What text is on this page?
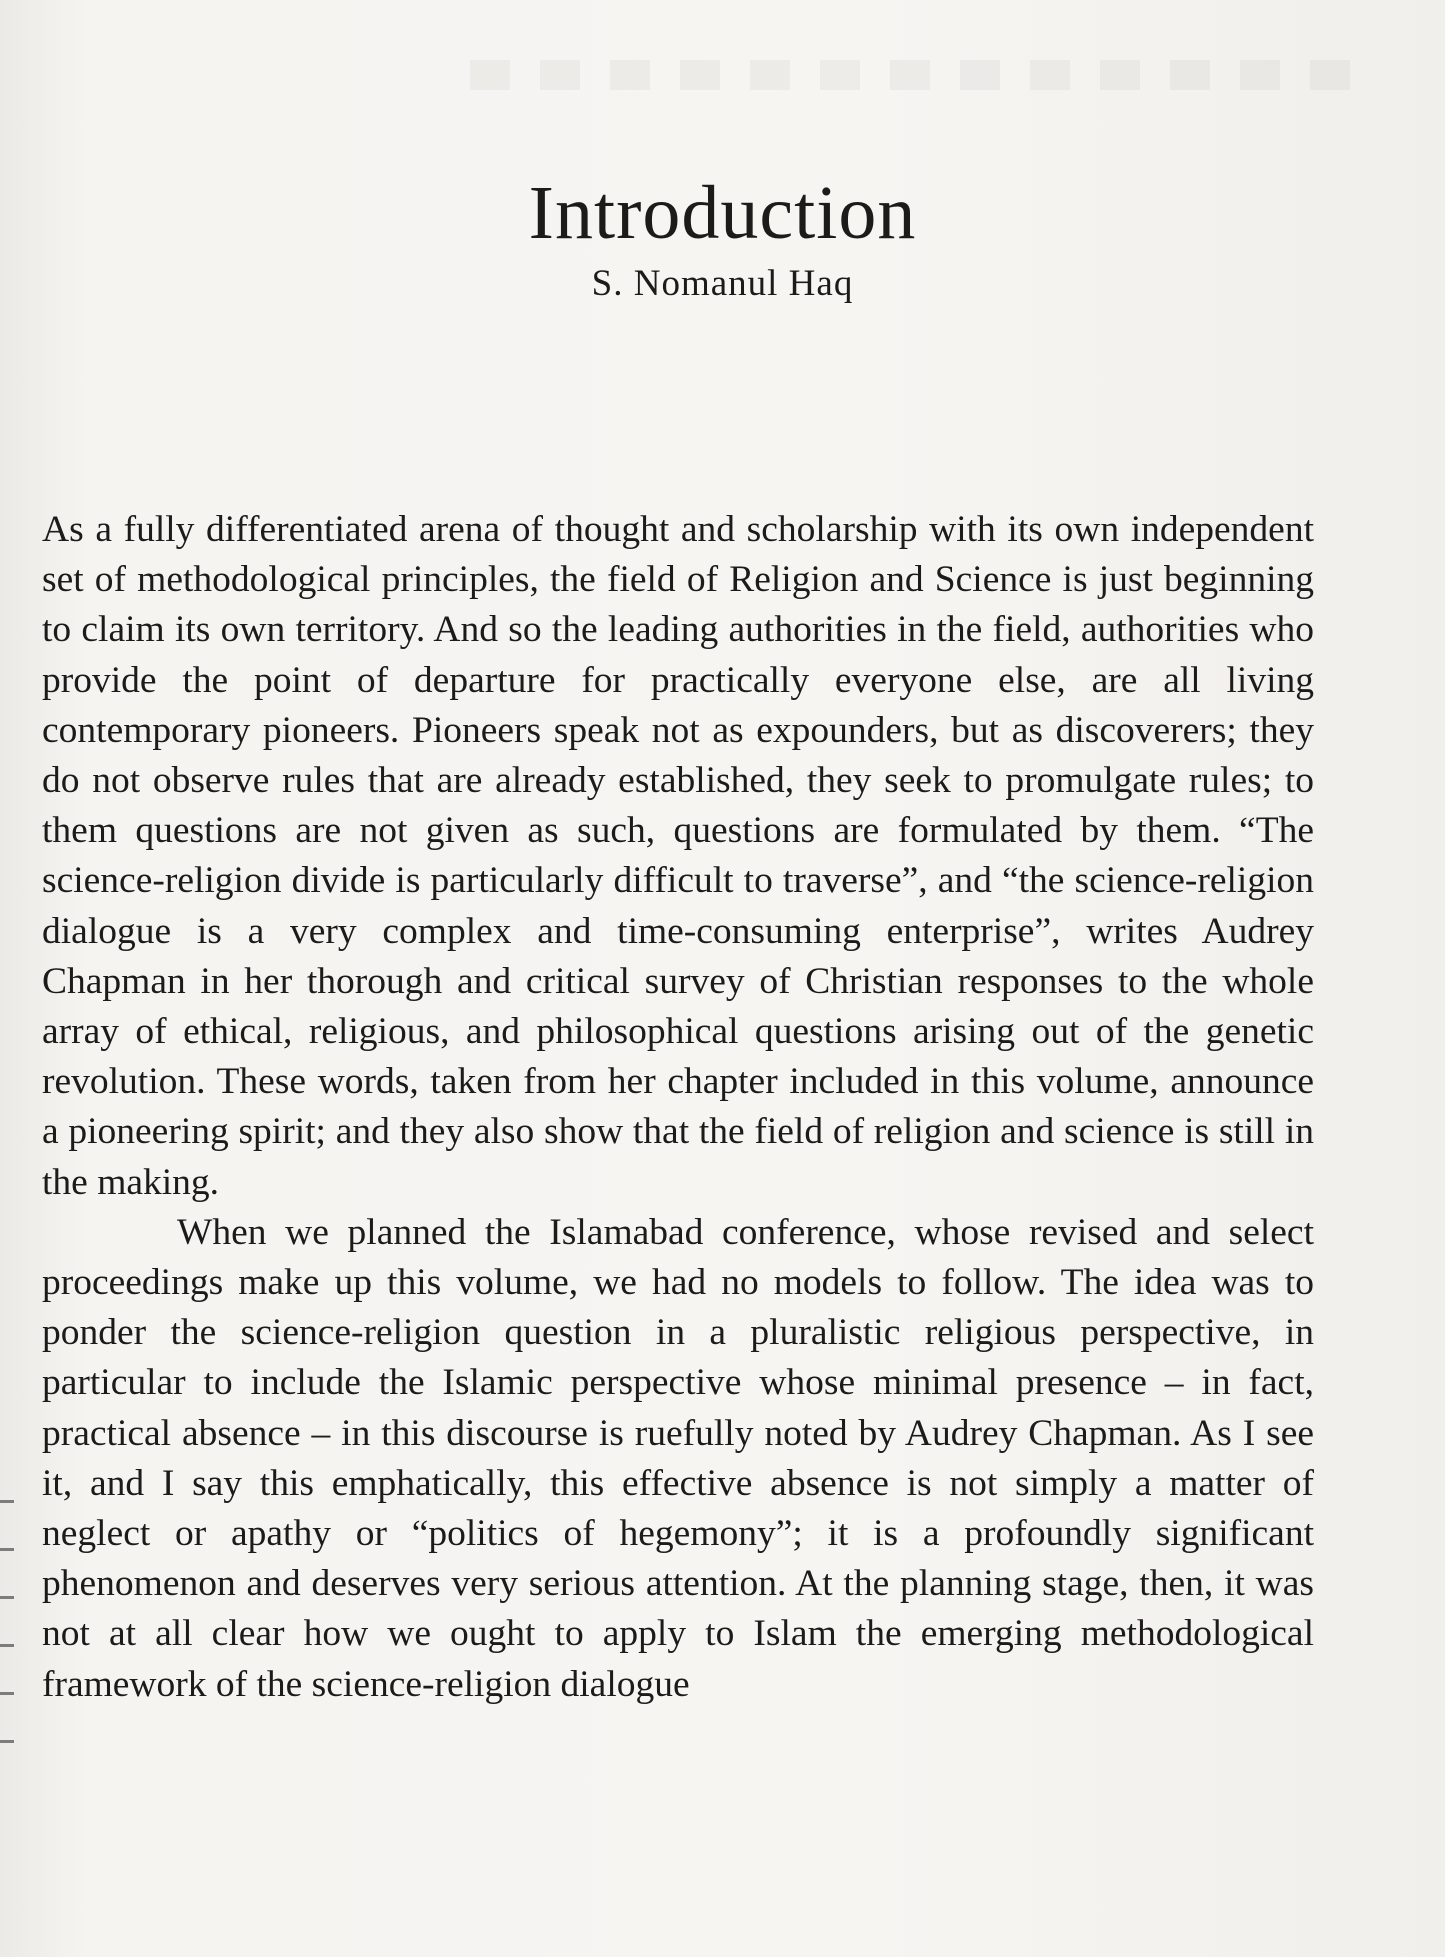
Introduction
S. Nomanul Haq

As a fully differentiated arena of thought and scholarship with its own independent set of methodological principles, the field of Religion and Science is just beginning to claim its own territory. And so the leading authorities in the field, authorities who provide the point of departure for practically everyone else, are all living contemporary pioneers. Pioneers speak not as expounders, but as discoverers; they do not observe rules that are already established, they seek to promulgate rules; to them questions are not given as such, questions are formulated by them. “The science-religion divide is particularly difficult to traverse”, and “the science-religion dialogue is a very complex and time-consuming enterprise”, writes Audrey Chapman in her thorough and critical survey of Christian responses to the whole array of ethical, religious, and philosophical questions arising out of the genetic revolution. These words, taken from her chapter included in this volume, announce a pioneering spirit; and they also show that the field of religion and science is still in the making.

When we planned the Islamabad conference, whose revised and select proceedings make up this volume, we had no models to follow. The idea was to ponder the science-religion question in a pluralistic religious perspective, in particular to include the Islamic perspective whose minimal presence – in fact, practical absence – in this discourse is ruefully noted by Audrey Chapman. As I see it, and I say this emphatically, this effective absence is not simply a matter of neglect or apathy or “politics of hegemony”; it is a profoundly significant phenomenon and deserves very serious attention. At the planning stage, then, it was not at all clear how we ought to apply to Islam the emerging methodological framework of the science-religion dialogue
